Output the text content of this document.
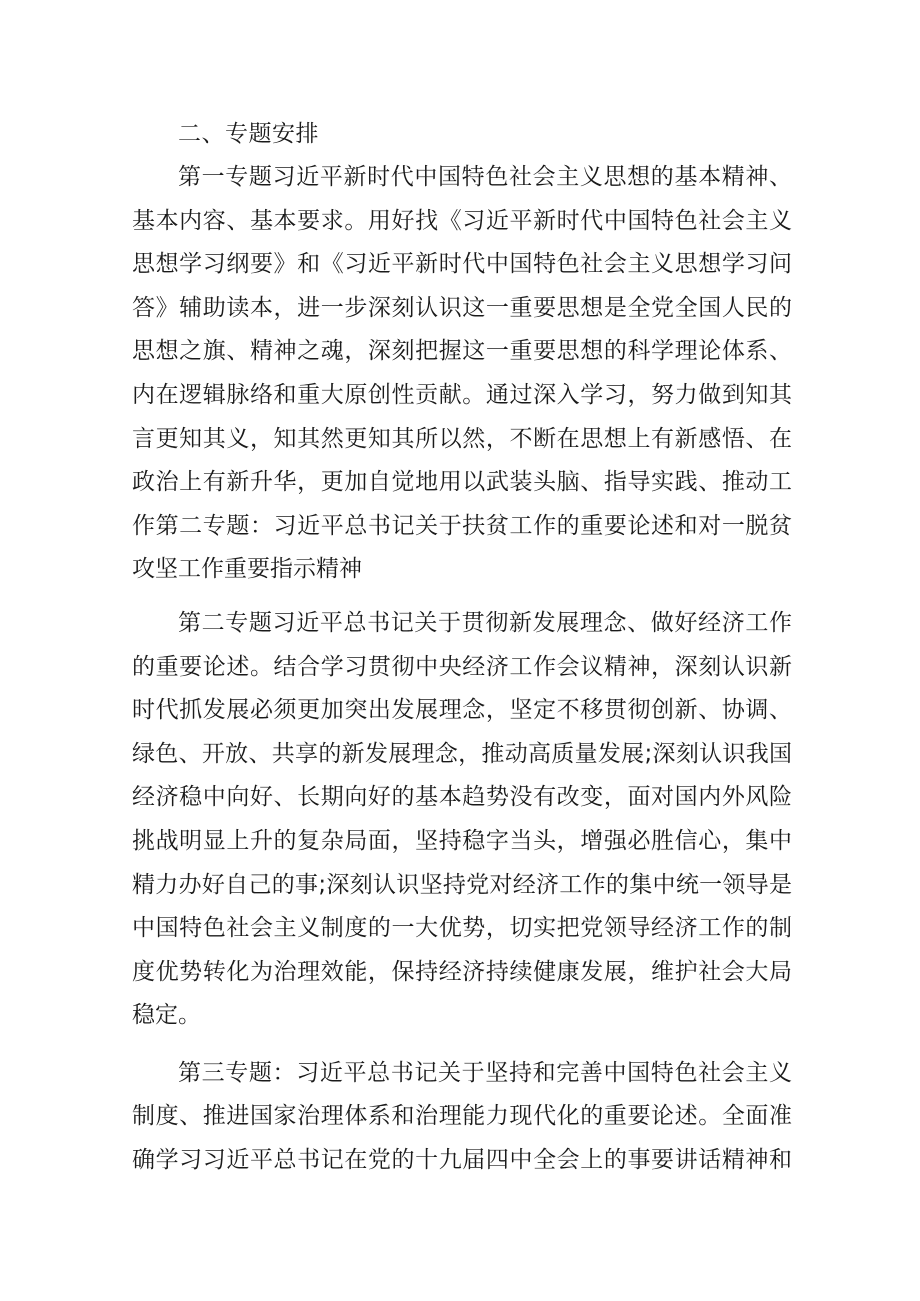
二、专题安排

第一专题习近平新时代中国特色社会主义思想的基本精神、
基本内容、基本要求。用好找《习近平新时代中国特色社会主义
思想学习纲要》和《习近平新时代中国特色社会主义思想学习问
答》辅助读本，进一步深刻认识这一重要思想是全党全国人民的
思想之旗、精神之魂，深刻把握这一重要思想的科学理论体系、
内在逻辑脉络和重大原创性贡献。通过深入学习，努力做到知其
言更知其义，知其然更知其所以然，不断在思想上有新感悟、在
政治上有新升华，更加自觉地用以武装头脑、指导实践、推动工
作第二专题：习近平总书记关于扶贫工作的重要论述和对一脱贫
攻坚工作重要指示精神

第二专题习近平总书记关于贯彻新发展理念、做好经济工作
的重要论述。结合学习贯彻中央经济工作会议精神，深刻认识新
时代抓发展必须更加突出发展理念，坚定不移贯彻创新、协调、
绿色、开放、共享的新发展理念，推动高质量发展;深刻认识我国
经济稳中向好、长期向好的基本趋势没有改变，面对国内外风险
挑战明显上升的复杂局面，坚持稳字当头，增强必胜信心，集中
精力办好自己的事;深刻认识坚持党对经济工作的集中统一领导是
中国特色社会主义制度的一大优势，切实把党领导经济工作的制
度优势转化为治理效能，保持经济持续健康发展，维护社会大局
稳定。

第三专题：习近平总书记关于坚持和完善中国特色社会主义
制度、推进国家治理体系和治理能力现代化的重要论述。全面准
确学习习近平总书记在党的十九届四中全会上的事要讲话精神和
